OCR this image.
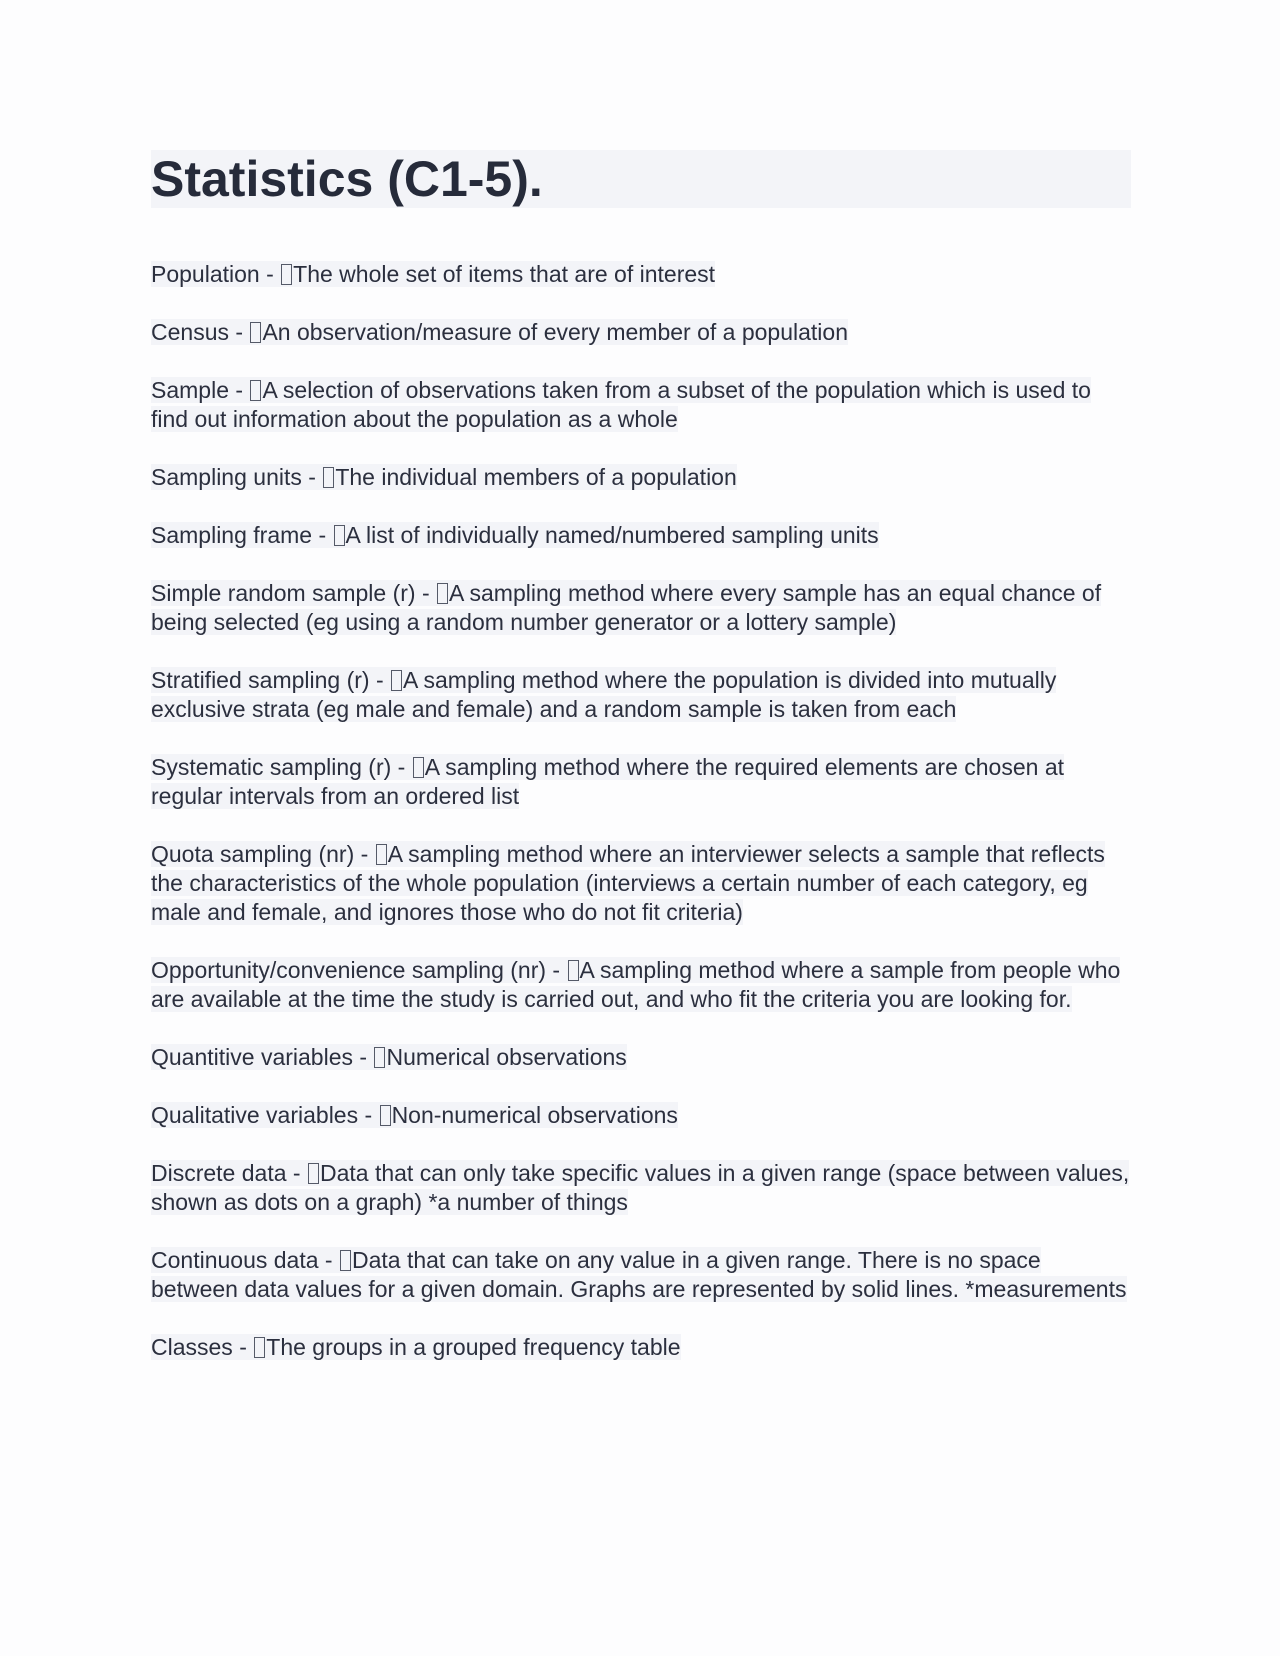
Statistics (C1-5).

Population - The whole set of items that are of interest

Census - An observation/measure of every member of a population

Sample - A selection of observations taken from a subset of the population which is used to find out information about the population as a whole

Sampling units - The individual members of a population

Sampling frame - A list of individually named/numbered sampling units

Simple random sample (r) - A sampling method where every sample has an equal chance of being selected (eg using a random number generator or a lottery sample)

Stratified sampling (r) - A sampling method where the population is divided into mutually exclusive strata (eg male and female) and a random sample is taken from each

Systematic sampling (r) - A sampling method where the required elements are chosen at regular intervals from an ordered list

Quota sampling (nr) - A sampling method where an interviewer selects a sample that reflects the characteristics of the whole population (interviews a certain number of each category, eg male and female, and ignores those who do not fit criteria)

Opportunity/convenience sampling (nr) - A sampling method where a sample from people who are available at the time the study is carried out, and who fit the criteria you are looking for.

Quantitive variables - Numerical observations

Qualitative variables - Non-numerical observations

Discrete data - Data that can only take specific values in a given range (space between values, shown as dots on a graph) *a number of things

Continuous data - Data that can take on any value in a given range. There is no space between data values for a given domain. Graphs are represented by solid lines. *measurements

Classes - The groups in a grouped frequency table
